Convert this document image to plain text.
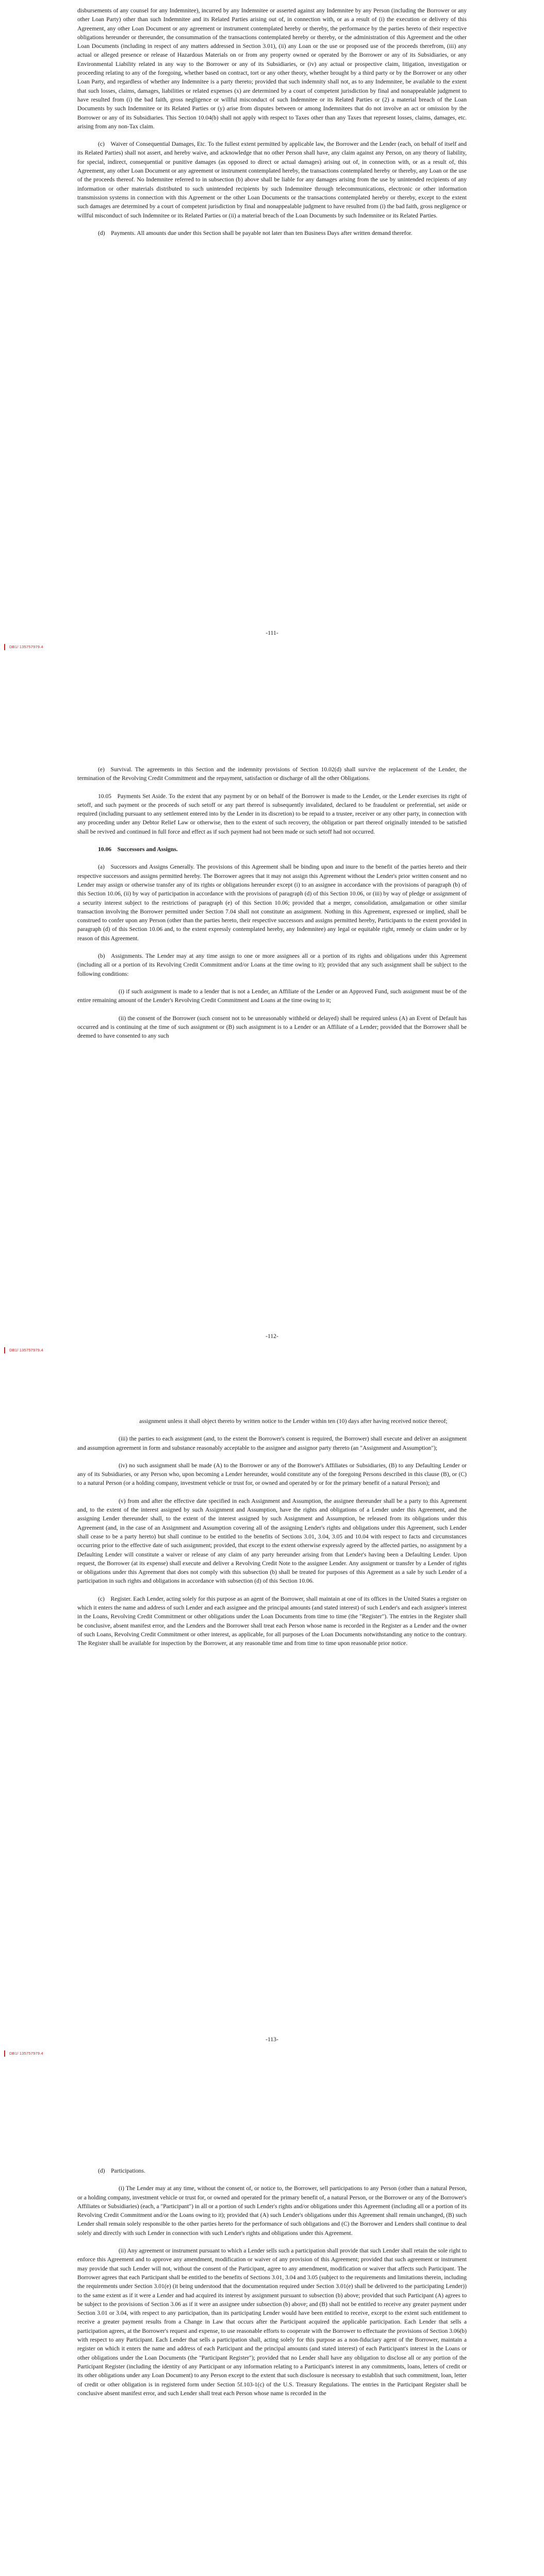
disbursements of any counsel for any Indemnitee), incurred by any Indemnitee or asserted against any Indemnitee by any Person (including the Borrower or any other Loan Party) other than such Indemnitee and its Related Parties arising out of, in connection with, or as a result of (i) the execution or delivery of this Agreement, any other Loan Document or any agreement or instrument contemplated hereby or thereby, the performance by the parties hereto of their respective obligations hereunder or thereunder, the consummation of the transactions contemplated hereby or thereby, or the administration of this Agreement and the other Loan Documents (including in respect of any matters addressed in Section 3.01), (ii) any Loan or the use or proposed use of the proceeds therefrom, (iii) any actual or alleged presence or release of Hazardous Materials on or from any property owned or operated by the Borrower or any of its Subsidiaries, or any Environmental Liability related in any way to the Borrower or any of its Subsidiaries, or (iv) any actual or prospective claim, litigation, investigation or proceeding relating to any of the foregoing, whether based on contract, tort or any other theory, whether brought by a third party or by the Borrower or any other Loan Party, and regardless of whether any Indemnitee is a party thereto; provided that such indemnity shall not, as to any Indemnitee, be available to the extent that such losses, claims, damages, liabilities or related expenses (x) are determined by a court of competent jurisdiction by final and nonappealable judgment to have resulted from (i) the bad faith, gross negligence or willful misconduct of such Indemnitee or its Related Parties or (2) a material breach of the Loan Documents by such Indemnitee or its Related Parties or (y) arise from disputes between or among Indemnitees that do not involve an act or omission by the Borrower or any of its Subsidiaries. This Section 10.04(b) shall not apply with respect to Taxes other than any Taxes that represent losses, claims, damages, etc. arising from any non-Tax claim.

(c) Waiver of Consequential Damages, Etc. To the fullest extent permitted by applicable law, the Borrower and the Lender (each, on behalf of itself and its Related Parties) shall not assert, and hereby waive, and acknowledge that no other Person shall have, any claim against any Person, on any theory of liability, for special, indirect, consequential or punitive damages (as opposed to direct or actual damages) arising out of, in connection with, or as a result of, this Agreement, any other Loan Document or any agreement or instrument contemplated hereby, the transactions contemplated hereby or thereby, any Loan or the use of the proceeds thereof. No Indemnitee referred to in subsection (b) above shall be liable for any damages arising from the use by unintended recipients of any information or other materials distributed to such unintended recipients by such Indemnitee through telecommunications, electronic or other information transmission systems in connection with this Agreement or the other Loan Documents or the transactions contemplated hereby or thereby, except to the extent such damages are determined by a court of competent jurisdiction by final and nonappealable judgment to have resulted from (i) the bad faith, gross negligence or willful misconduct of such Indemnitee or its Related Parties or (ii) a material breach of the Loan Documents by such Indemnitee or its Related Parties.

(d) Payments. All amounts due under this Section shall be payable not later than ten Business Days after written demand therefor.

-111-
DB1/ 135757979.4

(e) Survival. The agreements in this Section and the indemnity provisions of Section 10.02(d) shall survive the replacement of the Lender, the termination of the Revolving Credit Commitment and the repayment, satisfaction or discharge of all the other Obligations.

10.05 Payments Set Aside. To the extent that any payment by or on behalf of the Borrower is made to the Lender, or the Lender exercises its right of setoff, and such payment or the proceeds of such setoff or any part thereof is subsequently invalidated, declared to be fraudulent or preferential, set aside or required (including pursuant to any settlement entered into by the Lender in its discretion) to be repaid to a trustee, receiver or any other party, in connection with any proceeding under any Debtor Relief Law or otherwise, then to the extent of such recovery, the obligation or part thereof originally intended to be satisfied shall be revived and continued in full force and effect as if such payment had not been made or such setoff had not occurred.

10.06 Successors and Assigns.

(a) Successors and Assigns Generally. The provisions of this Agreement shall be binding upon and inure to the benefit of the parties hereto and their respective successors and assigns permitted hereby. The Borrower agrees that it may not assign this Agreement without the Lender's prior written consent and no Lender may assign or otherwise transfer any of its rights or obligations hereunder except (i) to an assignee in accordance with the provisions of paragraph (b) of this Section 10.06, (ii) by way of participation in accordance with the provisions of paragraph (d) of this Section 10.06, or (iii) by way of pledge or assignment of a security interest subject to the restrictions of paragraph (e) of this Section 10.06; provided that a merger, consolidation, amalgamation or other similar transaction involving the Borrower permitted under Section 7.04 shall not constitute an assignment. Nothing in this Agreement, expressed or implied, shall be construed to confer upon any Person (other than the parties hereto, their respective successors and assigns permitted hereby, Participants to the extent provided in paragraph (d) of this Section 10.06 and, to the extent expressly contemplated hereby, any Indemnitee) any legal or equitable right, remedy or claim under or by reason of this Agreement.

(b) Assignments. The Lender may at any time assign to one or more assignees all or a portion of its rights and obligations under this Agreement (including all or a portion of its Revolving Credit Commitment and/or Loans at the time owing to it); provided that any such assignment shall be subject to the following conditions:

(i) if such assignment is made to a lender that is not a Lender, an Affiliate of the Lender or an Approved Fund, such assignment must be of the entire remaining amount of the Lender's Revolving Credit Commitment and Loans at the time owing to it;

(ii) the consent of the Borrower (such consent not to be unreasonably withheld or delayed) shall be required unless (A) an Event of Default has occurred and is continuing at the time of such assignment or (B) such assignment is to a Lender or an Affiliate of a Lender; provided that the Borrower shall be deemed to have consented to any such

-112-
DB1/ 135757979.4

assignment unless it shall object thereto by written notice to the Lender within ten (10) days after having received notice thereof;

(iii) the parties to each assignment (and, to the extent the Borrower's consent is required, the Borrower) shall execute and deliver an assignment and assumption agreement in form and substance reasonably acceptable to the assignee and assignor party thereto (an "Assignment and Assumption");

(iv) no such assignment shall be made (A) to the Borrower or any of the Borrower's Affiliates or Subsidiaries, (B) to any Defaulting Lender or any of its Subsidiaries, or any Person who, upon becoming a Lender hereunder, would constitute any of the foregoing Persons described in this clause (B), or (C) to a natural Person (or a holding company, investment vehicle or trust for, or owned and operated by or for the primary benefit of a natural Person); and

(v) from and after the effective date specified in each Assignment and Assumption, the assignee thereunder shall be a party to this Agreement and, to the extent of the interest assigned by such Assignment and Assumption, have the rights and obligations of a Lender under this Agreement, and the assigning Lender thereunder shall, to the extent of the interest assigned by such Assignment and Assumption, be released from its obligations under this Agreement (and, in the case of an Assignment and Assumption covering all of the assigning Lender's rights and obligations under this Agreement, such Lender shall cease to be a party hereto) but shall continue to be entitled to the benefits of Sections 3.01, 3.04, 3.05 and 10.04 with respect to facts and circumstances occurring prior to the effective date of such assignment; provided, that except to the extent otherwise expressly agreed by the affected parties, no assignment by a Defaulting Lender will constitute a waiver or release of any claim of any party hereunder arising from that Lender's having been a Defaulting Lender. Upon request, the Borrower (at its expense) shall execute and deliver a Revolving Credit Note to the assignee Lender. Any assignment or transfer by a Lender of rights or obligations under this Agreement that does not comply with this subsection (b) shall be treated for purposes of this Agreement as a sale by such Lender of a participation in such rights and obligations in accordance with subsection (d) of this Section 10.06.

(c) Register. Each Lender, acting solely for this purpose as an agent of the Borrower, shall maintain at one of its offices in the United States a register on which it enters the name and address of such Lender and each assignee and the principal amounts (and stated interest) of such Lender's and each assignee's interest in the Loans, Revolving Credit Commitment or other obligations under the Loan Documents from time to time (the "Register"). The entries in the Register shall be conclusive, absent manifest error, and the Lenders and the Borrower shall treat each Person whose name is recorded in the Register as a Lender and the owner of such Loans, Revolving Credit Commitment or other interest, as applicable, for all purposes of the Loan Documents notwithstanding any notice to the contrary. The Register shall be available for inspection by the Borrower, at any reasonable time and from time to time upon reasonable prior notice.

-113-
DB1/ 135757979.4

(d) Participations.

(i) The Lender may at any time, without the consent of, or notice to, the Borrower, sell participations to any Person (other than a natural Person, or a holding company, investment vehicle or trust for, or owned and operated for the primary benefit of, a natural Person, or the Borrower or any of the Borrower's Affiliates or Subsidiaries) (each, a "Participant") in all or a portion of such Lender's rights and/or obligations under this Agreement (including all or a portion of its Revolving Credit Commitment and/or the Loans owing to it); provided that (A) such Lender's obligations under this Agreement shall remain unchanged, (B) such Lender shall remain solely responsible to the other parties hereto for the performance of such obligations and (C) the Borrower and Lenders shall continue to deal solely and directly with such Lender in connection with such Lender's rights and obligations under this Agreement.

(ii) Any agreement or instrument pursuant to which a Lender sells such a participation shall provide that such Lender shall retain the sole right to enforce this Agreement and to approve any amendment, modification or waiver of any provision of this Agreement; provided that such agreement or instrument may provide that such Lender will not, without the consent of the Participant, agree to any amendment, modification or waiver that affects such Participant. The Borrower agrees that each Participant shall be entitled to the benefits of Sections 3.01, 3.04 and 3.05 (subject to the requirements and limitations therein, including the requirements under Section 3.01(e) (it being understood that the documentation required under Section 3.01(e) shall be delivered to the participating Lender)) to the same extent as if it were a Lender and had acquired its interest by assignment pursuant to subsection (b) above; provided that such Participant (A) agrees to be subject to the provisions of Section 3.06 as if it were an assignee under subsection (b) above; and (B) shall not be entitled to receive any greater payment under Section 3.01 or 3.04, with respect to any participation, than its participating Lender would have been entitled to receive, except to the extent such entitlement to receive a greater payment results from a Change in Law that occurs after the Participant acquired the applicable participation. Each Lender that sells a participation agrees, at the Borrower's request and expense, to use reasonable efforts to cooperate with the Borrower to effectuate the provisions of Section 3.06(b) with respect to any Participant. Each Lender that sells a participation shall, acting solely for this purpose as a non-fiduciary agent of the Borrower, maintain a register on which it enters the name and address of each Participant and the principal amounts (and stated interest) of each Participant's interest in the Loans or other obligations under the Loan Documents (the "Participant Register"); provided that no Lender shall have any obligation to disclose all or any portion of the Participant Register (including the identity of any Participant or any information relating to a Participant's interest in any commitments, loans, letters of credit or its other obligations under any Loan Document) to any Person except to the extent that such disclosure is necessary to establish that such commitment, loan, letter of credit or other obligation is in registered form under Section 5f.103-1(c) of the U.S. Treasury Regulations. The entries in the Participant Register shall be conclusive absent manifest error, and such Lender shall treat each Person whose name is recorded in the
